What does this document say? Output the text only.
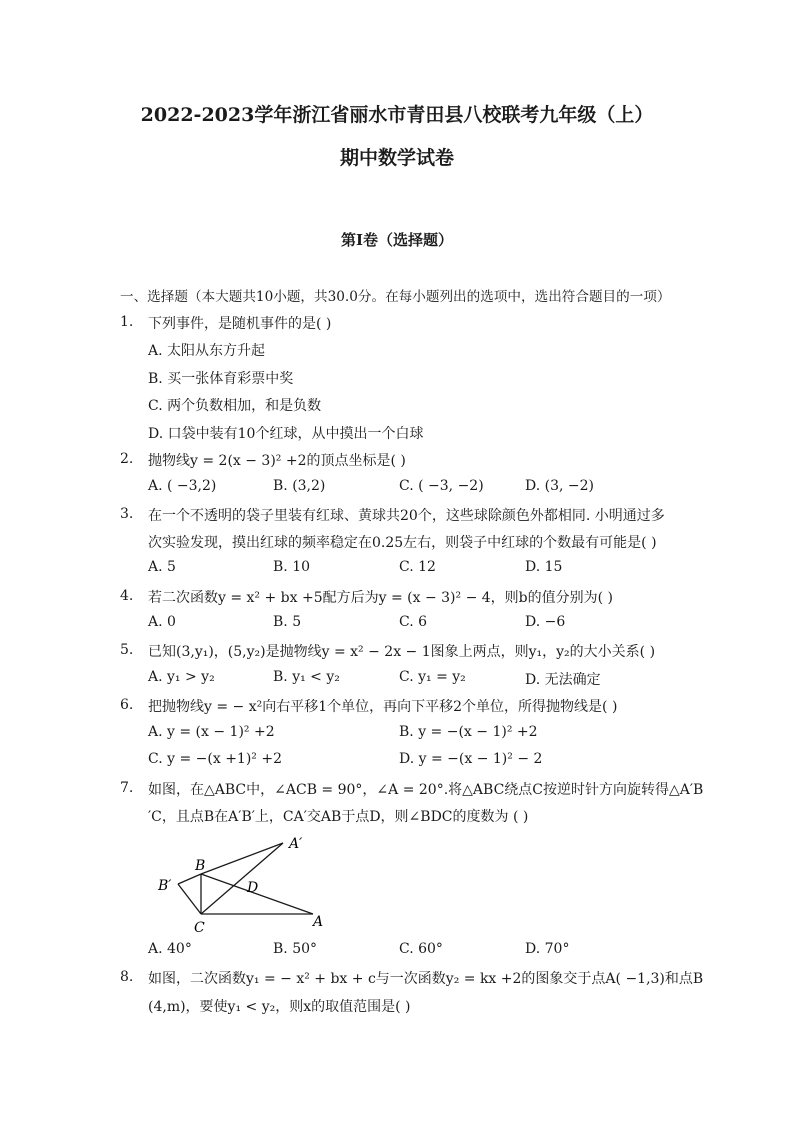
2022-2023学年浙江省丽水市青田县八校联考九年级（上）
期中数学试卷
第Ⅰ卷（选择题）
一、选择题（本大题共10小题，共30.0分。在每小题列出的选项中，选出符合题目的一项）
1. 下列事件，是随机事件的是( )
A. 太阳从东方升起
B. 买一张体育彩票中奖
C. 两个负数相加，和是负数
D. 口袋中装有10个红球，从中摸出一个白球
2. 抛物线y = 2(x − 3)² +2的顶点坐标是( )
A. ( −3,2)	B. (3,2)	C. ( −3, −2)	D. (3, −2)
3. 在一个不透明的袋子里装有红球、黄球共20个，这些球除颜色外都相同. 小明通过多
次实验发现，摸出红球的频率稳定在0.25左右，则袋子中红球的个数最有可能是( )
A. 5	B. 10	C. 12	D. 15
4. 若二次函数y = x² + bx +5配方后为y = (x − 3)² − 4，则b的值分别为( )
A. 0	B. 5	C. 6	D. −6
5. 已知(3,y₁)，(5,y₂)是抛物线y = x² − 2x − 1图象上两点，则y₁，y₂的大小关系( )
A. y₁ > y₂	B. y₁ < y₂	C. y₁ = y₂	D. 无法确定
6. 把抛物线y = − x²向右平移1个单位，再向下平移2个单位，所得抛物线是( )
A. y = (x − 1)² +2	B. y = −(x − 1)² +2
C. y = −(x +1)² +2	D. y = −(x − 1)² − 2
7. 如图，在△ABC中，∠ACB = 90°，∠A = 20°.将△ABC绕点C按逆时针方向旋转得△A′B
′C，且点B在A′B′上，CA′交AB于点D，则∠BDC的度数为 ( )
B
A′
B′	D
C	A
A. 40°	B. 50°	C. 60°	D. 70°
8. 如图，二次函数y₁ = − x² + bx + c与一次函数y₂ = kx +2的图象交于点A( −1,3)和点B
(4,m)，要使y₁ < y₂，则x的取值范围是( )
